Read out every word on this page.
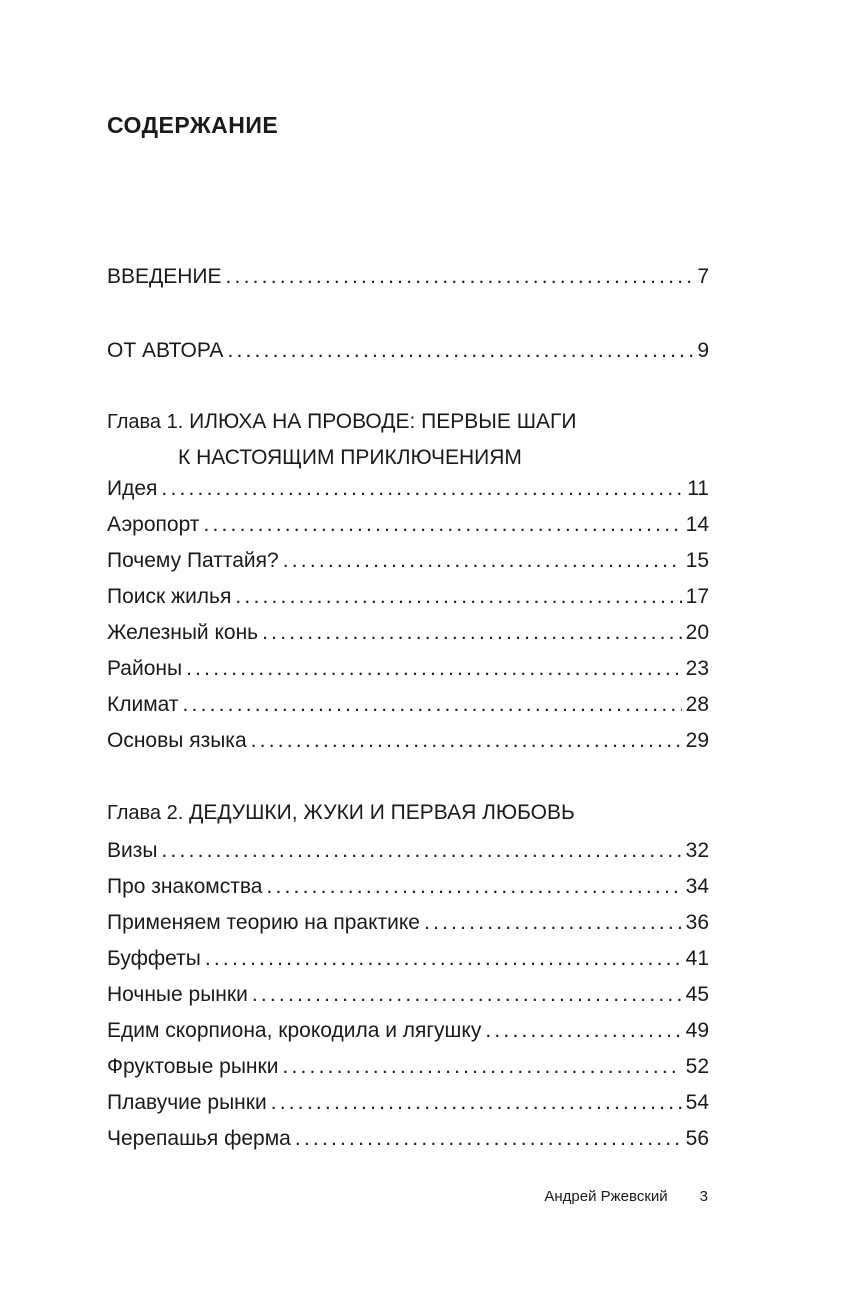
СОДЕРЖАНИЕ
ВВЕДЕНИЕ .....	7
ОТ АВТОРА .....	9
Глава 1. ИЛЮХА НА ПРОВОДЕ: ПЕРВЫЕ ШАГИ
К НАСТОЯЩИМ ПРИКЛЮЧЕНИЯМ
Идея .....	11
Аэропорт .....	14
Почему Паттайя? .....	15
Поиск жилья .....	17
Железный конь .....	20
Районы .....	23
Климат .....	28
Основы языка .....	29
Глава 2. ДЕДУШКИ, ЖУКИ И ПЕРВАЯ ЛЮБОВЬ
Визы .....	32
Про знакомства .....	34
Применяем теорию на практике .....	36
Буффеты .....	41
Ночные рынки .....	45
Едим скорпиона, крокодила и лягушку .....	49
Фруктовые рынки .....	52
Плавучие рынки .....	54
Черепашья ферма .....	56
Андрей Ржевский 3
